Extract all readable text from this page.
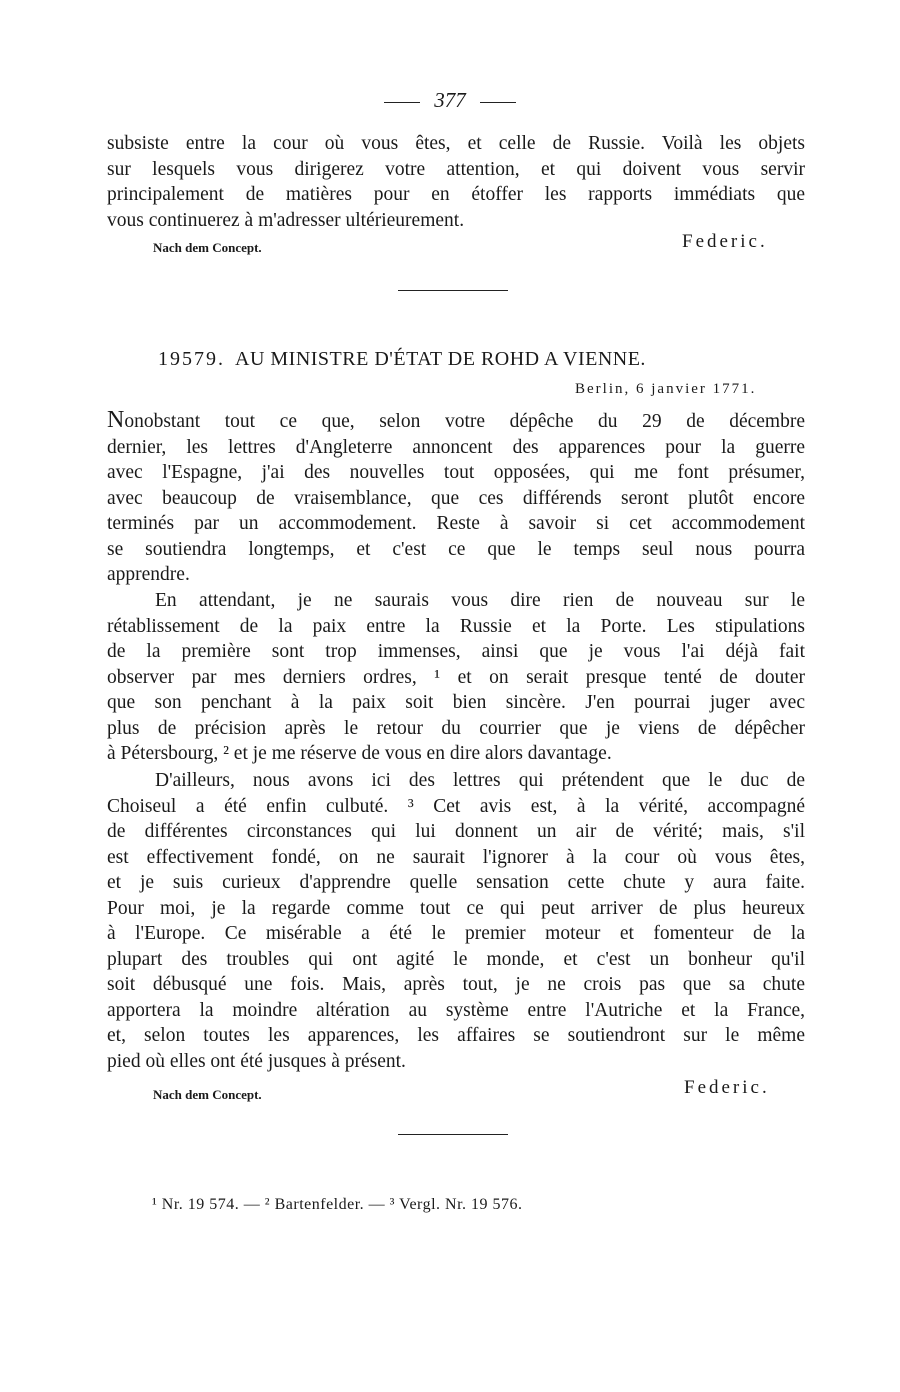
377
subsiste entre la cour où vous êtes, et celle de Russie. Voilà les objets
sur lesquels vous dirigerez votre attention, et qui doivent vous servir
principalement de matières pour en étoffer les rapports immédiats que
vous continuerez à m'adresser ultérieurement.
Nach dem Concept.	Federic.
19579. AU MINISTRE D'ÉTAT DE ROHD A VIENNE.
Berlin, 6 janvier 1771.
Nonobstant tout ce que, selon votre dépêche du 29 de décembre
dernier, les lettres d'Angleterre annoncent des apparences pour la guerre
avec l'Espagne, j'ai des nouvelles tout opposées, qui me font présumer,
avec beaucoup de vraisemblance, que ces différends seront plutôt encore
terminés par un accommodement. Reste à savoir si cet accommodement
se soutiendra longtemps, et c'est ce que le temps seul nous pourra
apprendre.
En attendant, je ne saurais vous dire rien de nouveau sur le
rétablissement de la paix entre la Russie et la Porte. Les stipulations
de la première sont trop immenses, ainsi que je vous l'ai déjà fait
observer par mes derniers ordres, ¹ et on serait presque tenté de douter
que son penchant à la paix soit bien sincère. J'en pourrai juger avec
plus de précision après le retour du courrier que je viens de dépêcher
à Pétersbourg, ² et je me réserve de vous en dire alors davantage.
D'ailleurs, nous avons ici des lettres qui prétendent que le duc de
Choiseul a été enfin culbuté. ³ Cet avis est, à la vérité, accompagné
de différentes circonstances qui lui donnent un air de vérité; mais, s'il
est effectivement fondé, on ne saurait l'ignorer à la cour où vous êtes,
et je suis curieux d'apprendre quelle sensation cette chute y aura faite.
Pour moi, je la regarde comme tout ce qui peut arriver de plus heureux
à l'Europe. Ce misérable a été le premier moteur et fomenteur de la
plupart des troubles qui ont agité le monde, et c'est un bonheur qu'il
soit débusqué une fois. Mais, après tout, je ne crois pas que sa chute
apportera la moindre altération au système entre l'Autriche et la France,
et, selon toutes les apparences, les affaires se soutiendront sur le même
pied où elles ont été jusques à présent.
Nach dem Concept.	Federic.
¹ Nr. 19 574. — ² Bartenfelder. — ³ Vergl. Nr. 19 576.
